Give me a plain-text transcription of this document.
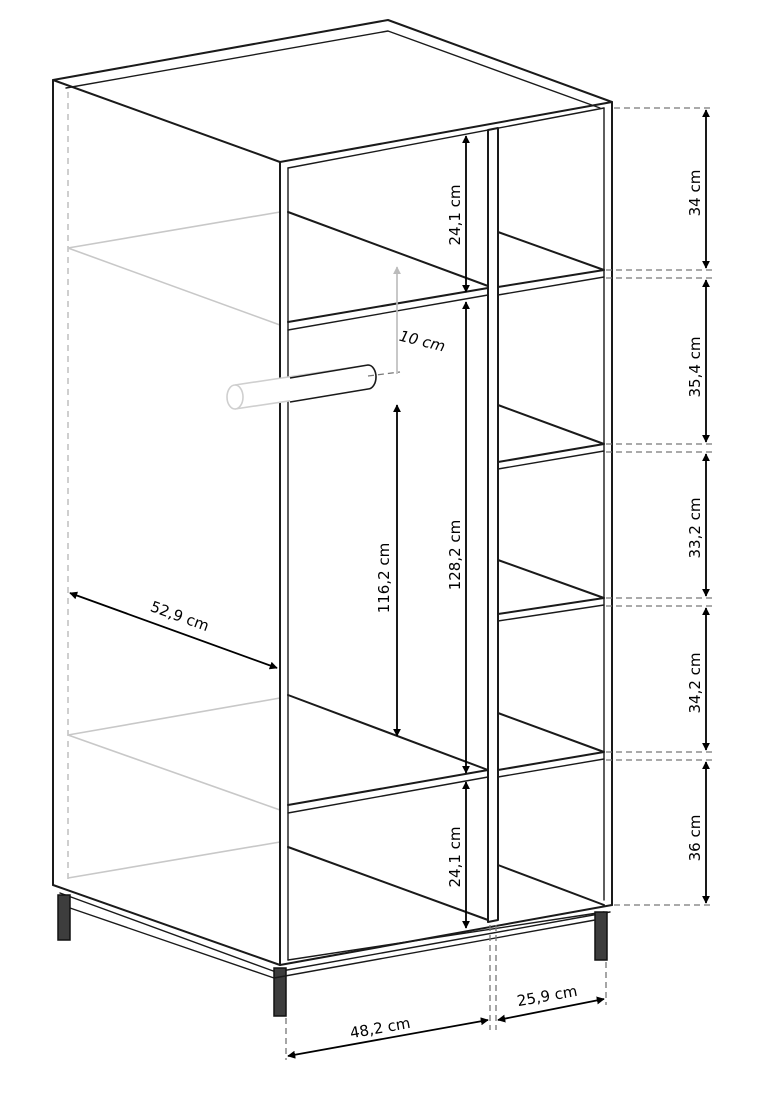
24,1 cm
128,2 cm
24,1 cm
10 cm
116,2 cm
52,9 cm
48,2 cm
25,9 cm
34 cm
35,4 cm
33,2 cm
34,2 cm
36 cm
